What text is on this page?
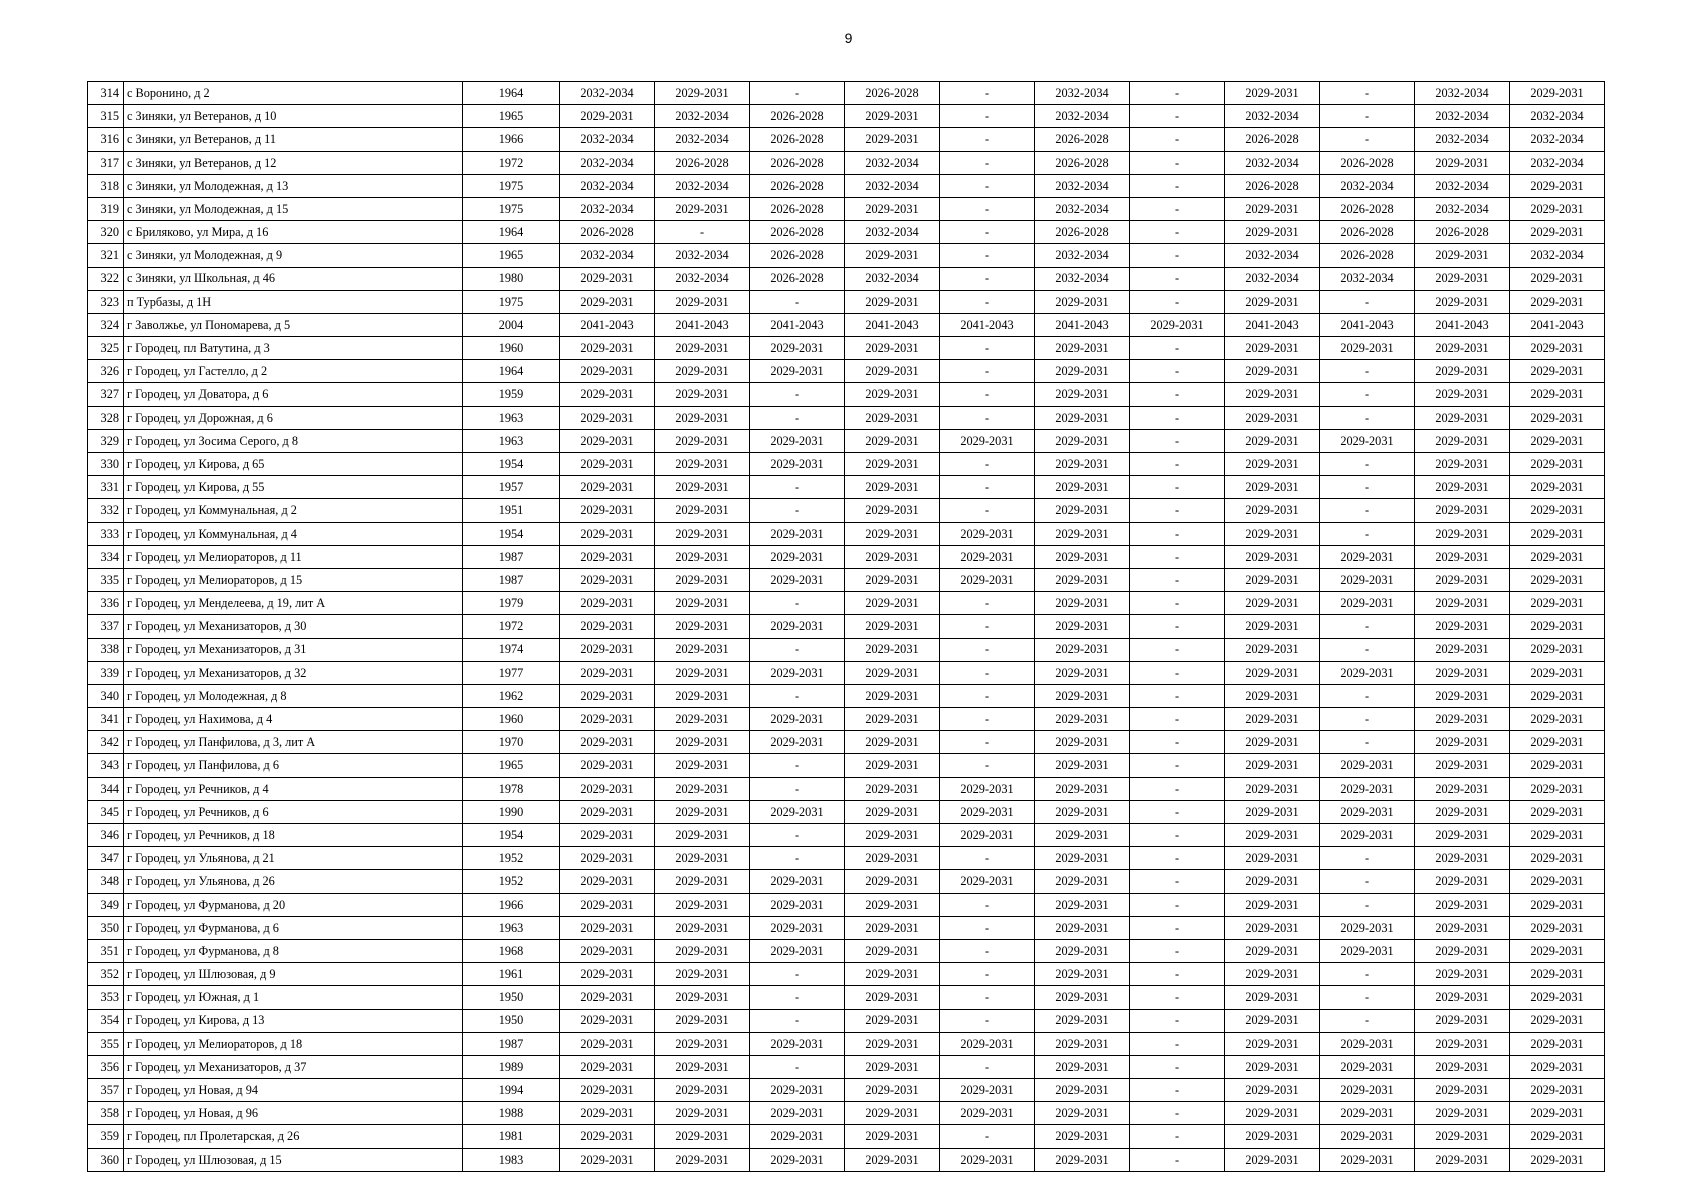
9
314	с Воронино, д 2	1964	2032-2034	2029-2031	-	2026-2028	-	2032-2034	-	2029-2031	-	2032-2034	2029-2031
315	с Зиняки, ул Ветеранов, д 10	1965	2029-2031	2032-2034	2026-2028	2029-2031	-	2032-2034	-	2032-2034	-	2032-2034	2032-2034
316	с Зиняки, ул Ветеранов, д 11	1966	2032-2034	2032-2034	2026-2028	2029-2031	-	2026-2028	-	2026-2028	-	2032-2034	2032-2034
317	с Зиняки, ул Ветеранов, д 12	1972	2032-2034	2026-2028	2026-2028	2032-2034	-	2026-2028	-	2032-2034	2026-2028	2029-2031	2032-2034
318	с Зиняки, ул Молодежная, д 13	1975	2032-2034	2032-2034	2026-2028	2032-2034	-	2032-2034	-	2026-2028	2032-2034	2032-2034	2029-2031
319	с Зиняки, ул Молодежная, д 15	1975	2032-2034	2029-2031	2026-2028	2029-2031	-	2032-2034	-	2029-2031	2026-2028	2032-2034	2029-2031
320	с Бриляково, ул Мира, д 16	1964	2026-2028	-	2026-2028	2032-2034	-	2026-2028	-	2029-2031	2026-2028	2026-2028	2029-2031
321	с Зиняки, ул Молодежная, д 9	1965	2032-2034	2032-2034	2026-2028	2029-2031	-	2032-2034	-	2032-2034	2026-2028	2029-2031	2032-2034
322	с Зиняки, ул Школьная, д 46	1980	2029-2031	2032-2034	2026-2028	2032-2034	-	2032-2034	-	2032-2034	2032-2034	2029-2031	2029-2031
323	п Турбазы, д 1Н	1975	2029-2031	2029-2031	-	2029-2031	-	2029-2031	-	2029-2031	-	2029-2031	2029-2031
324	г Заволжье, ул Пономарева, д 5	2004	2041-2043	2041-2043	2041-2043	2041-2043	2041-2043	2041-2043	2029-2031	2041-2043	2041-2043	2041-2043	2041-2043
325	г Городец, пл Ватутина, д 3	1960	2029-2031	2029-2031	2029-2031	2029-2031	-	2029-2031	-	2029-2031	2029-2031	2029-2031	2029-2031
326	г Городец, ул Гастелло, д 2	1964	2029-2031	2029-2031	2029-2031	2029-2031	-	2029-2031	-	2029-2031	-	2029-2031	2029-2031
327	г Городец, ул Доватора, д 6	1959	2029-2031	2029-2031	-	2029-2031	-	2029-2031	-	2029-2031	-	2029-2031	2029-2031
328	г Городец, ул Дорожная, д 6	1963	2029-2031	2029-2031	-	2029-2031	-	2029-2031	-	2029-2031	-	2029-2031	2029-2031
329	г Городец, ул Зосима Серого, д 8	1963	2029-2031	2029-2031	2029-2031	2029-2031	2029-2031	2029-2031	-	2029-2031	2029-2031	2029-2031	2029-2031
330	г Городец, ул Кирова, д 65	1954	2029-2031	2029-2031	2029-2031	2029-2031	-	2029-2031	-	2029-2031	-	2029-2031	2029-2031
331	г Городец, ул Кирова, д 55	1957	2029-2031	2029-2031	-	2029-2031	-	2029-2031	-	2029-2031	-	2029-2031	2029-2031
332	г Городец, ул Коммунальная, д 2	1951	2029-2031	2029-2031	-	2029-2031	-	2029-2031	-	2029-2031	-	2029-2031	2029-2031
333	г Городец, ул Коммунальная, д 4	1954	2029-2031	2029-2031	2029-2031	2029-2031	2029-2031	2029-2031	-	2029-2031	-	2029-2031	2029-2031
334	г Городец, ул Мелиораторов, д 11	1987	2029-2031	2029-2031	2029-2031	2029-2031	2029-2031	2029-2031	-	2029-2031	2029-2031	2029-2031	2029-2031
335	г Городец, ул Мелиораторов, д 15	1987	2029-2031	2029-2031	2029-2031	2029-2031	2029-2031	2029-2031	-	2029-2031	2029-2031	2029-2031	2029-2031
336	г Городец, ул Менделеева, д 19, лит А	1979	2029-2031	2029-2031	-	2029-2031	-	2029-2031	-	2029-2031	2029-2031	2029-2031	2029-2031
337	г Городец, ул Механизаторов, д 30	1972	2029-2031	2029-2031	2029-2031	2029-2031	-	2029-2031	-	2029-2031	-	2029-2031	2029-2031
338	г Городец, ул Механизаторов, д 31	1974	2029-2031	2029-2031	-	2029-2031	-	2029-2031	-	2029-2031	-	2029-2031	2029-2031
339	г Городец, ул Механизаторов, д 32	1977	2029-2031	2029-2031	2029-2031	2029-2031	-	2029-2031	-	2029-2031	2029-2031	2029-2031	2029-2031
340	г Городец, ул Молодежная, д 8	1962	2029-2031	2029-2031	-	2029-2031	-	2029-2031	-	2029-2031	-	2029-2031	2029-2031
341	г Городец, ул Нахимова, д 4	1960	2029-2031	2029-2031	2029-2031	2029-2031	-	2029-2031	-	2029-2031	-	2029-2031	2029-2031
342	г Городец, ул Панфилова, д 3, лит А	1970	2029-2031	2029-2031	2029-2031	2029-2031	-	2029-2031	-	2029-2031	-	2029-2031	2029-2031
343	г Городец, ул Панфилова, д 6	1965	2029-2031	2029-2031	-	2029-2031	-	2029-2031	-	2029-2031	2029-2031	2029-2031	2029-2031
344	г Городец, ул Речников, д 4	1978	2029-2031	2029-2031	-	2029-2031	2029-2031	2029-2031	-	2029-2031	2029-2031	2029-2031	2029-2031
345	г Городец, ул Речников, д 6	1990	2029-2031	2029-2031	2029-2031	2029-2031	2029-2031	2029-2031	-	2029-2031	2029-2031	2029-2031	2029-2031
346	г Городец, ул Речников, д 18	1954	2029-2031	2029-2031	-	2029-2031	2029-2031	2029-2031	-	2029-2031	2029-2031	2029-2031	2029-2031
347	г Городец, ул Ульянова, д 21	1952	2029-2031	2029-2031	-	2029-2031	-	2029-2031	-	2029-2031	-	2029-2031	2029-2031
348	г Городец, ул Ульянова, д 26	1952	2029-2031	2029-2031	2029-2031	2029-2031	2029-2031	2029-2031	-	2029-2031	-	2029-2031	2029-2031
349	г Городец, ул Фурманова, д 20	1966	2029-2031	2029-2031	2029-2031	2029-2031	-	2029-2031	-	2029-2031	-	2029-2031	2029-2031
350	г Городец, ул Фурманова, д 6	1963	2029-2031	2029-2031	2029-2031	2029-2031	-	2029-2031	-	2029-2031	2029-2031	2029-2031	2029-2031
351	г Городец, ул Фурманова, д 8	1968	2029-2031	2029-2031	2029-2031	2029-2031	-	2029-2031	-	2029-2031	2029-2031	2029-2031	2029-2031
352	г Городец, ул Шлюзовая, д 9	1961	2029-2031	2029-2031	-	2029-2031	-	2029-2031	-	2029-2031	-	2029-2031	2029-2031
353	г Городец, ул Южная, д 1	1950	2029-2031	2029-2031	-	2029-2031	-	2029-2031	-	2029-2031	-	2029-2031	2029-2031
354	г Городец, ул Кирова, д 13	1950	2029-2031	2029-2031	-	2029-2031	-	2029-2031	-	2029-2031	-	2029-2031	2029-2031
355	г Городец, ул Мелиораторов, д 18	1987	2029-2031	2029-2031	2029-2031	2029-2031	2029-2031	2029-2031	-	2029-2031	2029-2031	2029-2031	2029-2031
356	г Городец, ул Механизаторов, д 37	1989	2029-2031	2029-2031	-	2029-2031	-	2029-2031	-	2029-2031	2029-2031	2029-2031	2029-2031
357	г Городец, ул Новая, д 94	1994	2029-2031	2029-2031	2029-2031	2029-2031	2029-2031	2029-2031	-	2029-2031	2029-2031	2029-2031	2029-2031
358	г Городец, ул Новая, д 96	1988	2029-2031	2029-2031	2029-2031	2029-2031	2029-2031	2029-2031	-	2029-2031	2029-2031	2029-2031	2029-2031
359	г Городец, пл Пролетарская, д 26	1981	2029-2031	2029-2031	2029-2031	2029-2031	-	2029-2031	-	2029-2031	2029-2031	2029-2031	2029-2031
360	г Городец, ул Шлюзовая, д 15	1983	2029-2031	2029-2031	2029-2031	2029-2031	2029-2031	2029-2031	-	2029-2031	2029-2031	2029-2031	2029-2031
